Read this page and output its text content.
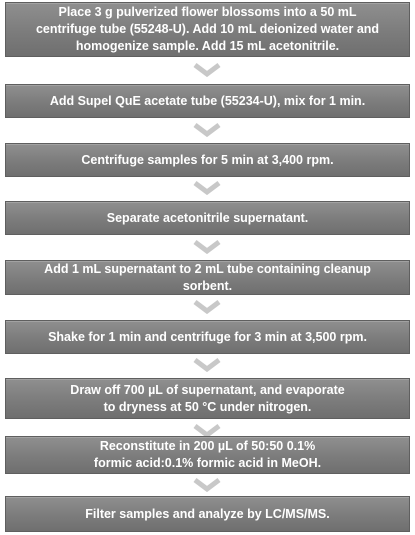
Place 3 g pulverized flower blossoms into a 50 mL
centrifuge tube (55248-U). Add 10 mL deionized water and
homogenize sample. Add 15 mL acetonitrile.
Add Supel QuE acetate tube (55234-U), mix for 1 min.
Centrifuge samples for 5 min at 3,400 rpm.
Separate acetonitrile supernatant.
Add 1 mL supernatant to 2 mL tube containing cleanup sorbent.
Shake for 1 min and centrifuge for 3 min at 3,500 rpm.
Draw off 700 µL of supernatant, and evaporate
to dryness at 50 °C under nitrogen.
Reconstitute in 200 µL of 50:50 0.1%
formic acid:0.1% formic acid in MeOH.
Filter samples and analyze by LC/MS/MS.
